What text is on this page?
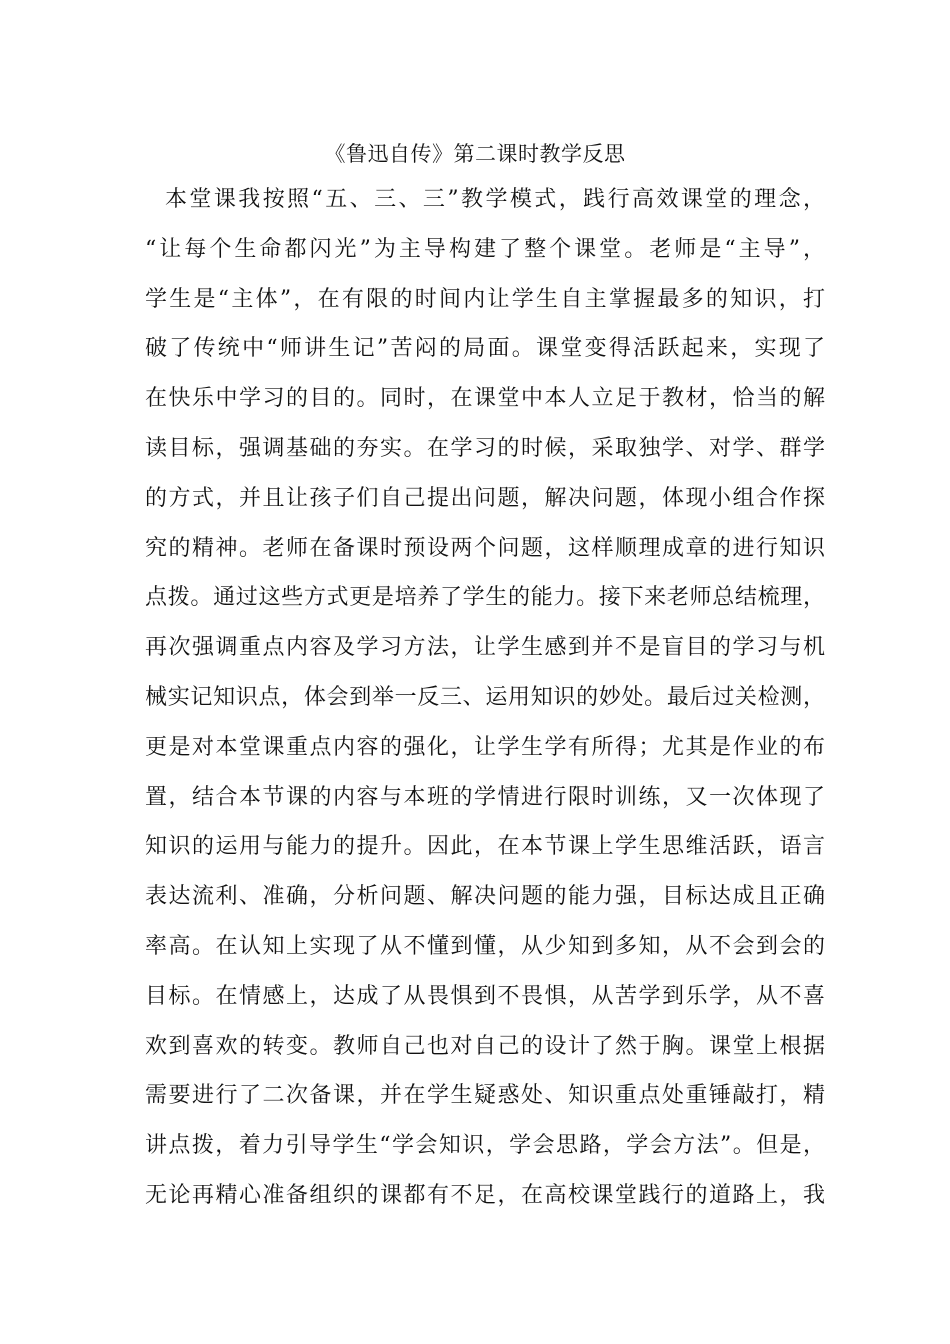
《鲁迅自传》第二课时教学反思
本堂课我按照“五、三、三”教学模式，践行高效课堂的理念，
“让每个生命都闪光”为主导构建了整个课堂。老师是“主导”，
学生是“主体”，在有限的时间内让学生自主掌握最多的知识，打
破了传统中“师讲生记”苦闷的局面。课堂变得活跃起来，实现了
在快乐中学习的目的。同时，在课堂中本人立足于教材，恰当的解
读目标，强调基础的夯实。在学习的时候，采取独学、对学、群学
的方式，并且让孩子们自己提出问题，解决问题，体现小组合作探
究的精神。老师在备课时预设两个问题，这样顺理成章的进行知识
点拨。通过这些方式更是培养了学生的能力。接下来老师总结梳理，
再次强调重点内容及学习方法，让学生感到并不是盲目的学习与机
械实记知识点，体会到举一反三、运用知识的妙处。最后过关检测，
更是对本堂课重点内容的强化，让学生学有所得；尤其是作业的布
置，结合本节课的内容与本班的学情进行限时训练，又一次体现了
知识的运用与能力的提升。因此，在本节课上学生思维活跃，语言
表达流利、准确，分析问题、解决问题的能力强，目标达成且正确
率高。在认知上实现了从不懂到懂，从少知到多知，从不会到会的
目标。在情感上，达成了从畏惧到不畏惧，从苦学到乐学，从不喜
欢到喜欢的转变。教师自己也对自己的设计了然于胸。课堂上根据
需要进行了二次备课，并在学生疑惑处、知识重点处重锤敲打，精
讲点拨，着力引导学生“学会知识，学会思路，学会方法”。但是，
无论再精心准备组织的课都有不足，在高校课堂践行的道路上，我
